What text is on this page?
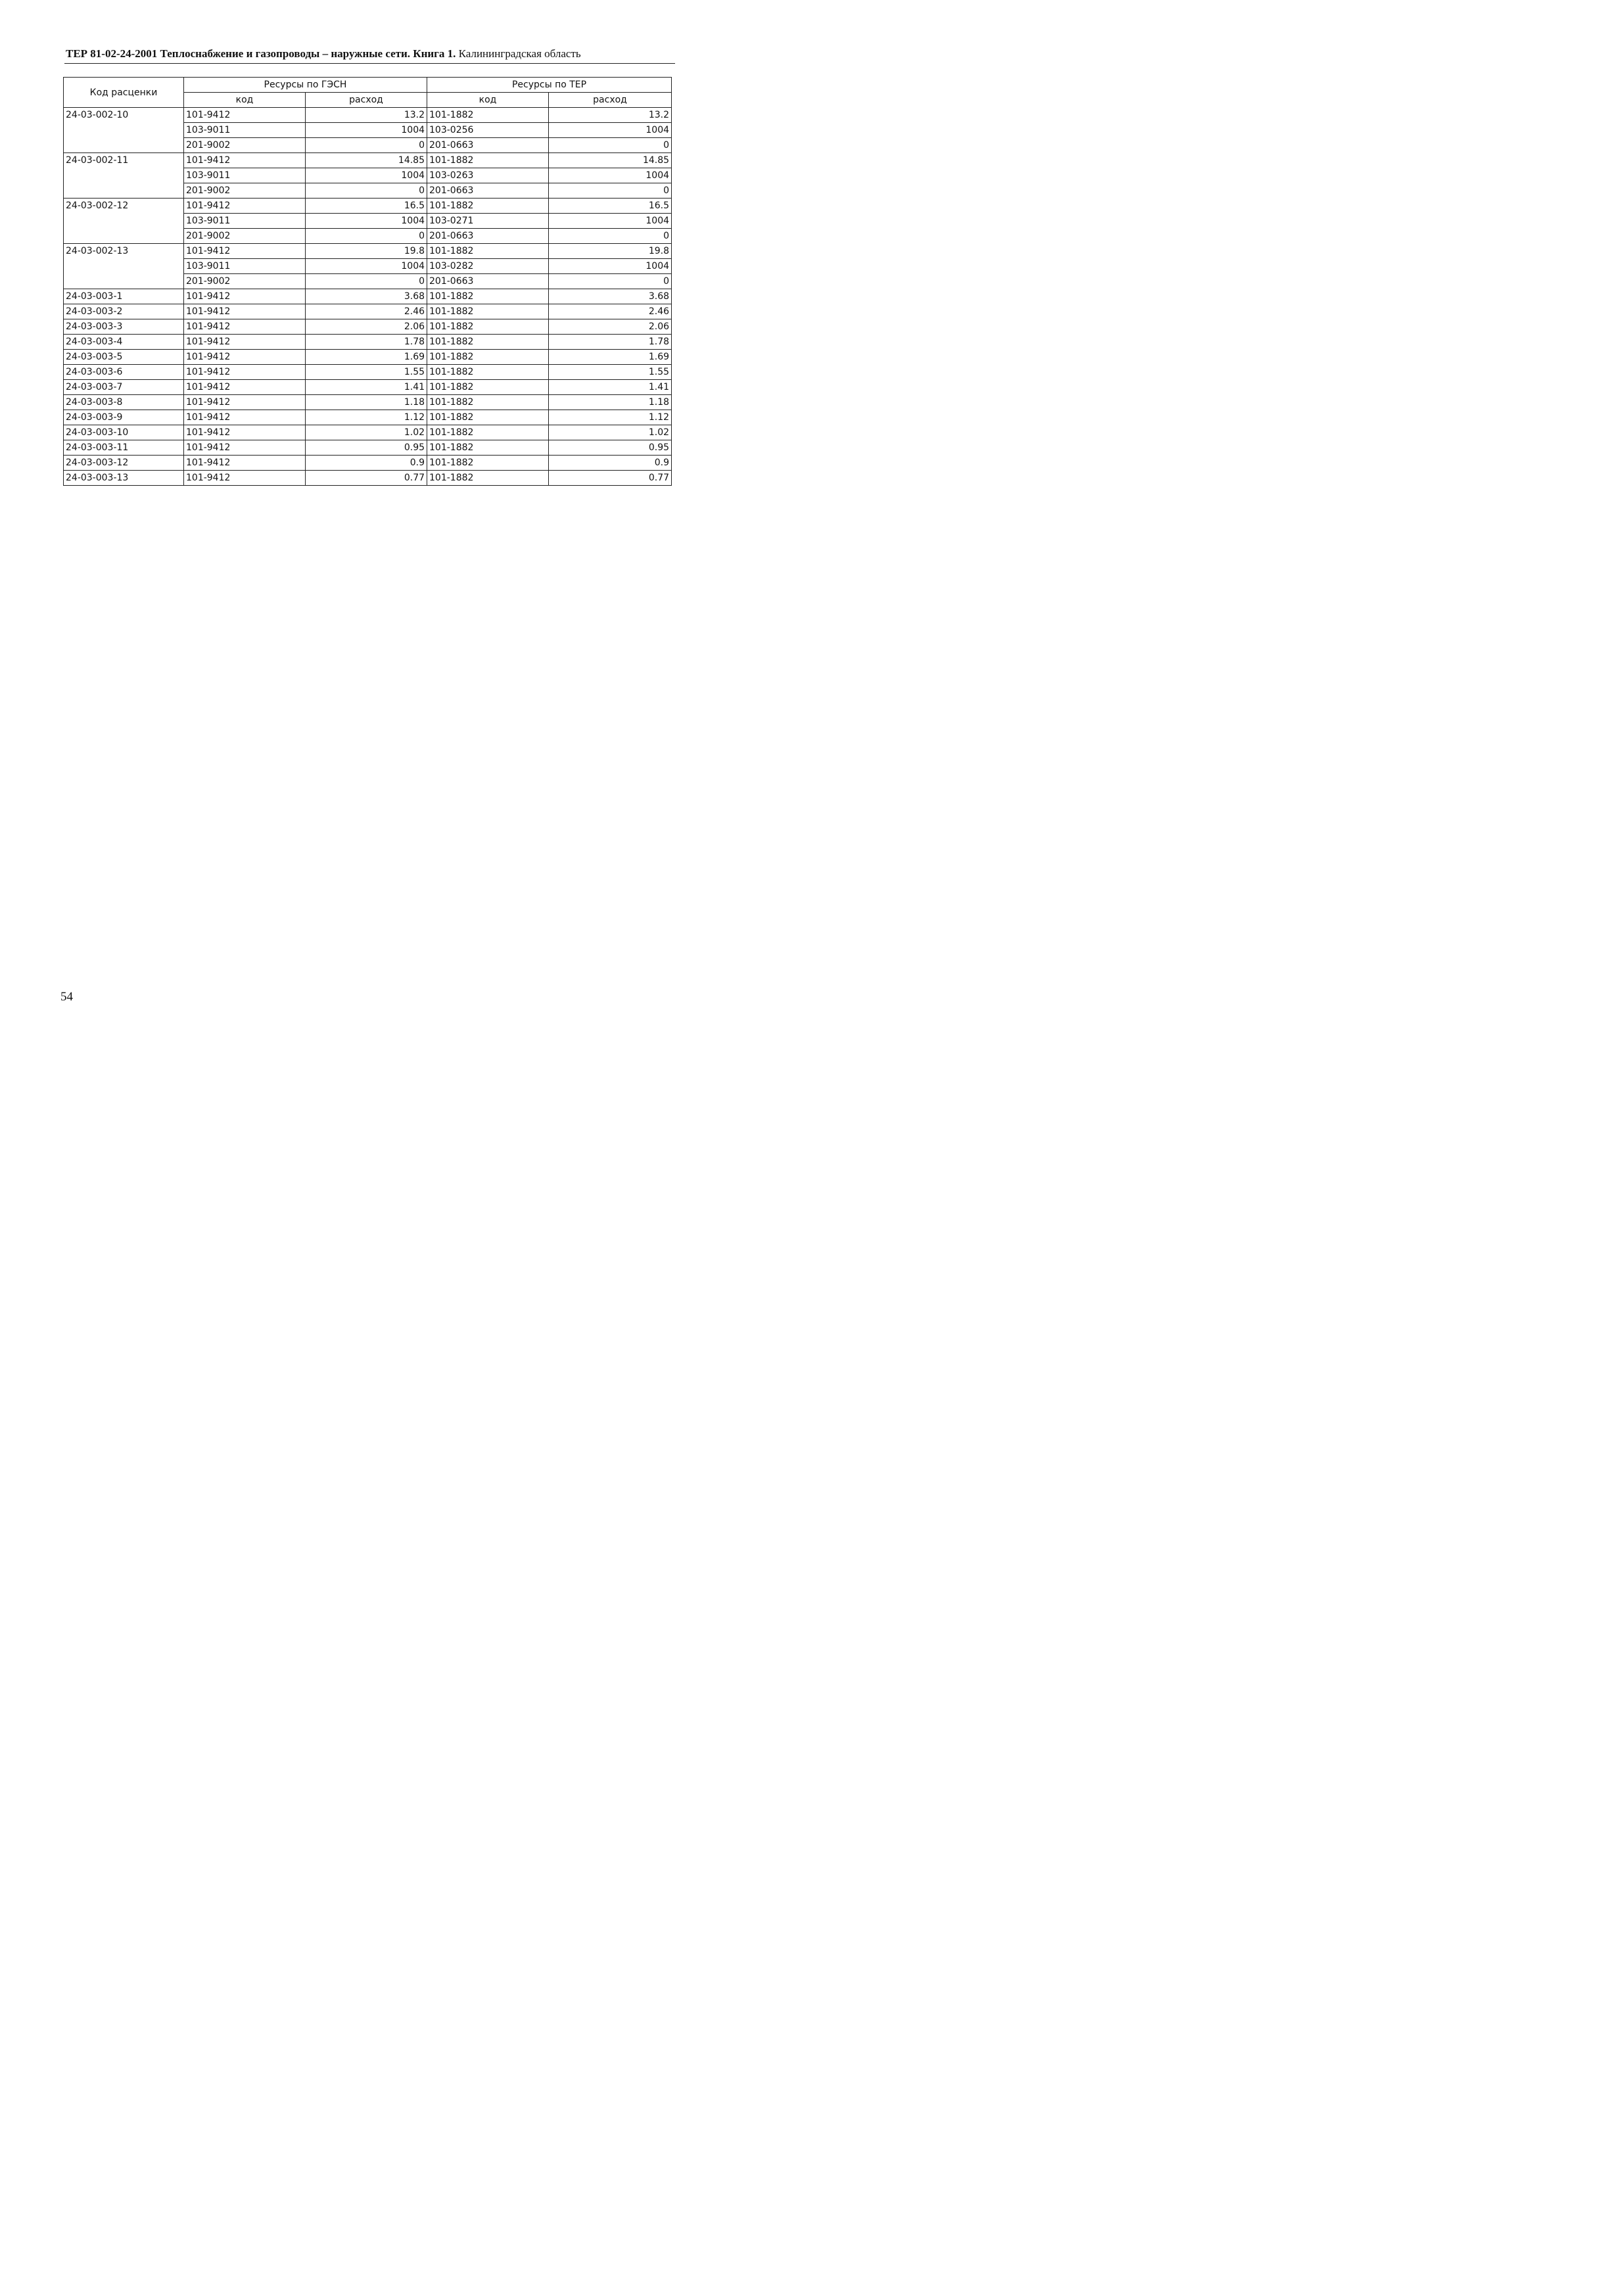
ТЕР 81-02-24-2001 Теплоснабжение и газопроводы – наружные сети. Книга 1. Калининградская область
Код расценки	Ресурсы по ГЭСН		Ресурсы по ТЕР	
	код	расход	код	расход
24-03-002-10	101-9412	13.2	101-1882	13.2
	103-9011	1004	103-0256	1004
	201-9002	0	201-0663	0
24-03-002-11	101-9412	14.85	101-1882	14.85
	103-9011	1004	103-0263	1004
	201-9002	0	201-0663	0
24-03-002-12	101-9412	16.5	101-1882	16.5
	103-9011	1004	103-0271	1004
	201-9002	0	201-0663	0
24-03-002-13	101-9412	19.8	101-1882	19.8
	103-9011	1004	103-0282	1004
	201-9002	0	201-0663	0
24-03-003-1	101-9412	3.68	101-1882	3.68
24-03-003-2	101-9412	2.46	101-1882	2.46
24-03-003-3	101-9412	2.06	101-1882	2.06
24-03-003-4	101-9412	1.78	101-1882	1.78
24-03-003-5	101-9412	1.69	101-1882	1.69
24-03-003-6	101-9412	1.55	101-1882	1.55
24-03-003-7	101-9412	1.41	101-1882	1.41
24-03-003-8	101-9412	1.18	101-1882	1.18
24-03-003-9	101-9412	1.12	101-1882	1.12
24-03-003-10	101-9412	1.02	101-1882	1.02
24-03-003-11	101-9412	0.95	101-1882	0.95
24-03-003-12	101-9412	0.9	101-1882	0.9
24-03-003-13	101-9412	0.77	101-1882	0.77
54
